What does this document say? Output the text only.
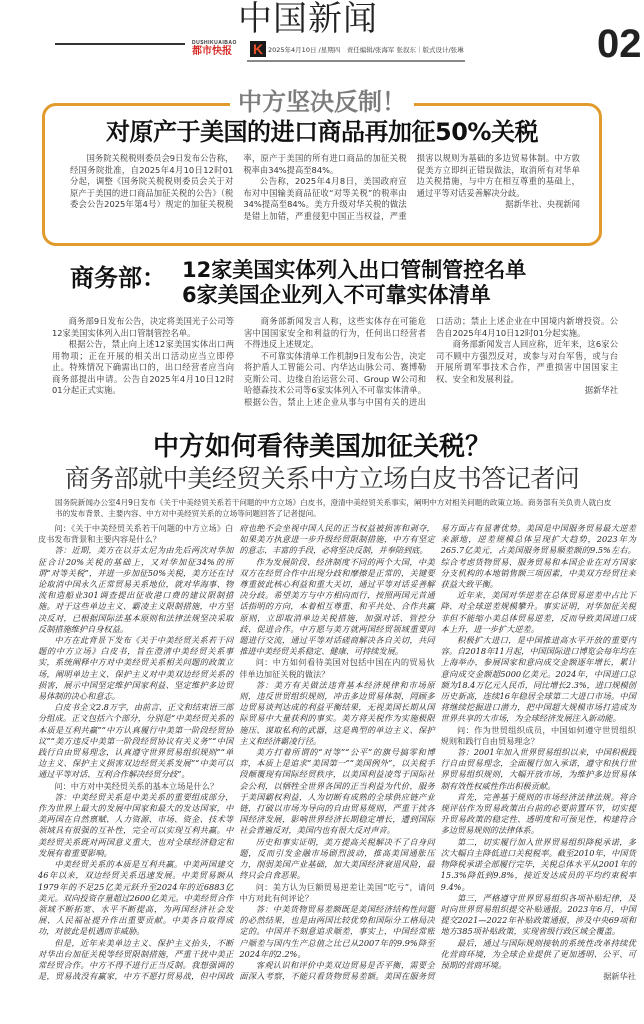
中国新闻
DUSHIKUAIBAO
都市快报	K 2025年4月10日 /星期四　责任编辑/张海军 张叙东｜版式设计/张琳	02
中方坚决反制！
对原产于美国的进口商品再加征50%关税

国务院关税税则委员会9日发布公告称，经国务院批准，自2025年4月10日12时01分起，调整《国务院关税税则委员会关于对原产于美国的进口商品加征关税的公告》（税委会公告2025年第4号）规定的加征关税税率，原产于美国的所有进口商品的加征关税税率由34%提高至84%。

公告称，2025年4月8日，美国政府宣布对中国输美商品征收“对等关税”的税率由34%提高至84%。美方升级对华关税的做法是错上加错，严重侵犯中国正当权益，严重损害以规则为基础的多边贸易体制。中方敦促美方立即纠正错误做法，取消所有对华单边关税措施，与中方在相互尊重的基础上，通过平等对话妥善解决分歧。

据新华社、央视新闻

商务部： 12家美国实体列入出口管制管控名单
6家美国企业列入不可靠实体清单

商务部9日发布公告，决定将美国光子公司等12家美国实体列入出口管制管控名单。

根据公告，禁止向上述12家美国实体出口两用物项；正在开展的相关出口活动应当立即停止。特殊情况下确需出口的，出口经营者应当向商务部提出申请。公告自2025年4月10日12时01分起正式实施。

商务部新闻发言人称，这些实体存在可能危害中国国家安全和利益的行为，任何出口经营者不得违反上述规定。

不可靠实体清单工作机制9日发布公告，决定将护盾人工智能公司、内华达山脉公司、赛博勒克斯公司、边缘自治运营公司、Group W公司和哈德森技术公司等6家实体列入不可靠实体清单。根据公告，禁止上述企业从事与中国有关的进出口活动；禁止上述企业在中国境内新增投资。公告自2025年4月10日12时01分起实施。

商务部新闻发言人回应称，近年来，这6家公司不顾中方强烈反对，或参与对台军售，或与台开展所谓军事技术合作，严重损害中国国家主权、安全和发展利益。

据新华社

中方如何看待美国加征关税？
商务部就中美经贸关系中方立场白皮书答记者问
国务院新闻办公室4月9日发布《关于中美经贸关系若干问题的中方立场》白皮书，澄清中美经贸关系事实，阐明中方对相关问题的政策立场。商务部有关负责人就白皮书的发布背景、主要内容、中方对中美经贸关系的立场等问题回答了记者提问。

问：《关于中美经贸关系若干问题的中方立场》白皮书发布背景和主要内容是什么？

答：近期，美方在以芬太尼为由先后两次对华加征合计20%关税的基础上，又对华加征34%的所谓“对等关税”，并进一步加征50%关税，美方还在讨论取消中国永久正常贸易关系地位，就对华海事、物流和造船业301调查提出征收港口费的建议限制措施。对于这些单边主义、霸凌主义限制措施，中方坚决反对，已根据国际法基本原则和法律法规坚决采取反制措施维护自身权益。

中方在此背景下发布《关于中美经贸关系若干问题的中方立场》白皮书，旨在澄清中美经贸关系事实，系统阐释中方对中美经贸关系相关问题的政策立场，阐明单边主义、保护主义对中美双边经贸关系的损害，展示中国坚定维护国家利益、坚定维护多边贸易体制的决心和意志。

白皮书全文2.8万字，由前言、正文和结束语三部分组成。正文包括六个部分，分别是“中美经贸关系的本质是互利共赢”“中方认真履行中美第一阶段经贸协议”“美方违反中美第一阶段经贸协议有关义务”“中国践行自由贸易理念，认真遵守世界贸易组织规则”“单边主义、保护主义损害双边经贸关系发展”“中美可以通过平等对话、互利合作解决经贸分歧”。

问：中方对中美经贸关系的基本立场是什么？

答：中美经贸关系是中美关系的重要组成部分，作为世界上最大的发展中国家和最大的发达国家，中美两国在自然禀赋、人力资源、市场、资金、技术等领域具有很强的互补性，完全可以实现互利共赢。中美经贸关系既对两国意义重大，也对全球经济稳定和发展有着重要影响。

中美经贸关系的本质是互利共赢。中美两国建交46年以来，双边经贸关系迅速发展。中美贸易额从1979年的不足25亿美元跃升至2024年的近6883亿美元。双向投资存量超过2600亿美元。中美经贸合作领域不断拓宽、水平不断提高，为两国经济社会发展、人民福祉提升作出重要贡献。中美各自取得成功，对彼此是机遇而非威胁。

但是，近年来美单边主义、保护主义抬头，不断对华出台加征关税等经贸限制措施，严重干扰中美正常经贸合作。中方不得不进行正当反制。我想强调的是，贸易战没有赢家，中方不愿打贸易战，但中国政府也绝不会坐视中国人民的正当权益被损害和剥夺，如果美方执意进一步升级经贸限制措施，中方有坚定的意志、丰富的手段，必将坚决反制，并奉陪到底。

作为发展阶段、经济制度不同的两个大国，中美双方在经贸合作中出现分歧和摩擦是正常的，关键要尊重彼此核心利益和重大关切，通过平等对话妥善解决分歧。希望美方与中方相向而行，按照两国元首通话指明的方向，本着相互尊重、和平共处、合作共赢原则，立即取消单边关税措施，加强对话、管控分歧、促进合作。中方愿与美方就两国经贸领域重要问题进行交流，通过平等对话磋商解决各自关切，共同推进中美经贸关系稳定、健康、可持续发展。

问：中方如何看待美国对包括中国在内的贸易伙伴单边加征关税的做法？

答：美方有关做法违背基本经济规律和市场原则，违反世贸组织规则，冲击多边贸易体制，罔顾多边贸易谈判达成的利益平衡结果，无视美国长期从国际贸易中大量获利的事实。美方将关税作为实施极限施压、谋取私利的武器，这是典型的单边主义、保护主义和经济霸凌行径。

美方打着所谓的“对等”“公平”的旗号搞零和博弈，本质上是追求“美国第一”“美国例外”，以关税手段颠覆现有国际经贸秩序，以美国利益凌驾于国际社会公利，以牺牲全世界各国的正当利益为代价，服务于美国霸权利益，人为切断有成熟的全球供应链产业链，打破以市场为导向的自由贸易规则，严重干扰各国经济发展，影响世界经济长期稳定增长，遭到国际社会普遍反对，美国内也有很大反对声音。

历史和事实证明，美方提高关税解决不了自身问题，反而引发金融市场剧烈波动，推高美国通胀压力，削弱美国产业基础，加大美国经济衰退风险，最终只会自食恶果。

问：美方认为巨额贸易逆差让美国“吃亏”，请问中方对此有何评论？

答：中美货物贸易差额既是美国经济结构性问题的必然结果，也是由两国比较优势和国际分工格局决定的。中国并不刻意追求顺差，事实上，中国经常账户顺差与国内生产总值之比已从2007年的9.9%降至2024年的2.2%。

客观认识和评价中美双边贸易是否平衡，需要全面深入考察，不能只看货物贸易差额。美国在服务贸易方面占有显著优势。美国是中国服务贸易最大逆差来源地，逆差规模总体呈现扩大趋势，2023年为265.7亿美元，占美国服务贸易顺差额的9.5%左右。综合考虑货物贸易、服务贸易和本国企业在对方国家分支机构的本地销售额三项因素，中美双方经贸往来获益大致平衡。

近年来，美国对华逆差在总体贸易逆差中占比下降、对全球逆差规模攀升。事实证明，对华加征关税非但不能缩小美总体贸易逆差，反而导致美国进口成本上升，进一步扩大逆差。

积极扩大进口，是中国推进高水平开放的重要内容。自2018年11月起，中国国际进口博览会每年均在上海举办，参展国家和意向成交金额逐年增长，累计意向成交金额超5000亿美元。2024年，中国进口总额为18.4万亿元人民币，同比增长2.3%，进口规模创历史新高，连续16年稳居全球第二大进口市场。中国将继续挖掘进口潜力，把中国超大规模市场打造成为世界共享的大市场，为全球经济发展注入新动能。

问：作为世贸组织成员，中国如何遵守世贸组织规则和践行自由贸易理念？

答：2001年加入世界贸易组织以来，中国积极践行自由贸易理念，全面履行加入承诺，遵守和执行世界贸易组织规则，大幅开放市场，为维护多边贸易体制有效性权威性作出积极贡献。

首先，完善基于规则的市场经济法律法规。将合规评估作为贸易政策出台前的必要前置环节，切实提升贸易政策的稳定性、透明度和可预见性，构建符合多边贸易规则的法律体系。

第二，切实履行加入世界贸易组织降税承诺，多次大幅自主降低进口关税税率。截至2010年，中国货物降税承诺全部履行完毕，关税总体水平从2001年的15.3%降低到9.8%，接近发达成员的平均约束税率9.4%。

第三，严格遵守世界贸易组织各项补贴纪律，及时向世界贸易组织提交补贴通报。2023年6月，中国提交2021—2022年补贴政策通报，涉及中央69项和地方385项补贴政策，实现省级行政区域全覆盖。

最后，通过与国际规则接轨的系统性改革持续优化营商环境，为全球企业提供了更加透明、公平、可预期的营商环境。

据新华社
